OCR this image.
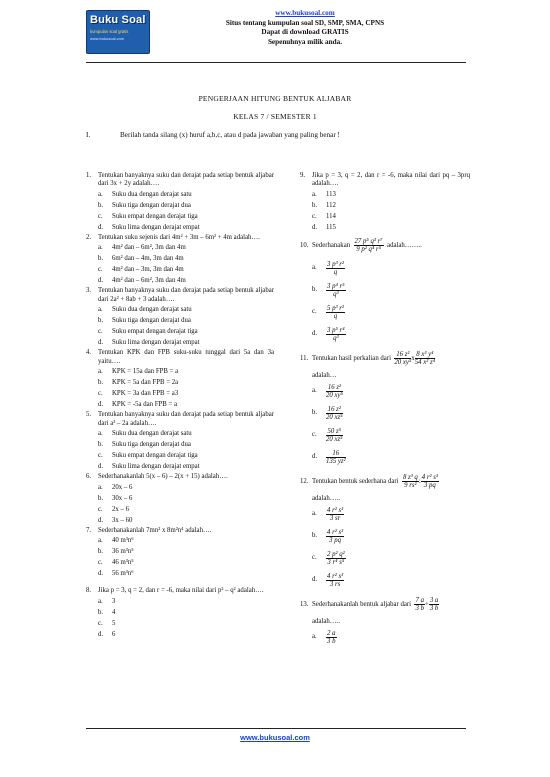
Buku Soal
kumpulan soal gratis
www.bukusoal.com
www.bukusoal.com
Situs tentang kumpulan soal SD, SMP, SMA, CPNS
Dapat di download GRATIS
Sepenuhnya milik anda.
PENGERJAAN HITUNG BENTUK ALJABAR
KELAS 7 / SEMESTER 1
I.	Berilah tanda silang (x) huruf a,b,c, atau d pada jawaban yang paling benar !
1.	Tentukan banyaknya suku dan derajat pada setiap bentuk aljabar dari 3x + 2y adalah….
a. Suku dua dengan derajat satu
b. Suku tiga dengan derajat dua
c. Suku empat dengan derajat tiga
d. Suku lima dengan derajat empat
2.	Tentukan suku sejenis dari 4m² + 3m – 6m² + 4m adalah….
a. 4m² dan – 6m², 3m dan 4m
b. 6m² dan – 4m, 3m dan 4m
c. 4m² dan – 3m, 3m dan 4m
d. 4m² dan – 6m², 3m dan 4m
3.	Tentukan banyaknya suku dan derajat pada setiap bentuk aljabar dari 2a² + 8ab + 3 adalah….
a. Suku dua dengan derajat satu
b. Suku tiga dengan derajat dua
c. Suku empat dengan derajat tiga
d. Suku lima dengan derajat empat
4.	Tentukan KPK dan FPB suku-suku tunggal dari 5a dan 3a yaitu….
a. KPK = 15a dan FPB = a
b. KPK = 5a dan FPB = 2a
c. KPK = 3a dan FPB = a3
d. KPK = -5a dan FPB = a
5.	Tentukan banyaknya suku dan derajat pada setiap bentuk aljabar dari a³ – 2a adalah….
a. Suku dua dengan derajat satu
b. Suku tiga dengan derajat dua
c. Suku empat dengan derajat tiga
d. Suku lima dengan derajat empat
6.	Sederhanakanlah 5(x – 6) – 2(x + 15) adalah….
a. 20x – 6
b. 30x – 6
c. 2x – 6
d. 3x – 60
7.	Sederhanakanlah 7mn² x 8m²n⁴ adalah….
a. 40 m³n⁶
b. 36 m³n⁵
c. 46 m³n⁵
d. 56 m³n⁶
8.	Jika p = 3, q = 2, dan r = -6, maka nilai dari p² – q² adalah….
a. 3
b. 4
c. 5
d. 6
9.	Jika p = 3, q = 2, dan r = -6, maka nilai dari pq – 3prq adalah….
a. 113
b. 112
c. 114
d. 115
10. Sederhanakan

27 p⁵ q³ r⁷
9 p² q⁴ r⁵

adalah……..
a. 3 p³ r²
q
b. 3 p⁴ r⁵
q³
c. 5 p³ r²
q
d. 3 p⁵ r⁴
q³
11. Tentukan hasil perkalian dari

16 z²
20 xy⁵
x
8 x³ y⁴
54 x² z⁴
adalah…
a. 16 z²
20 xy⁵
b. 16 z²
20 xz⁵
c. 50 z⁵
20 xz⁵
d.	16
135 yz²
12. Tentukan bentuk sederhana dari

8 z³ q
9 rs²
:
4 r² s³
3 pq
adalah…..
a. 4 r² s³
3 sr
b. 4 r² s³
3 pq
c. 2 p² q²
3 r⁴ s⁵
d. 4 r² s³
3 rs
13. Sederhanakanlah bentuk aljabar dari

7 a
3 b
+ $\frac{3 a}{3 b}$
adalah…..
a. 2 a
3 b
www.bukusoal.com
